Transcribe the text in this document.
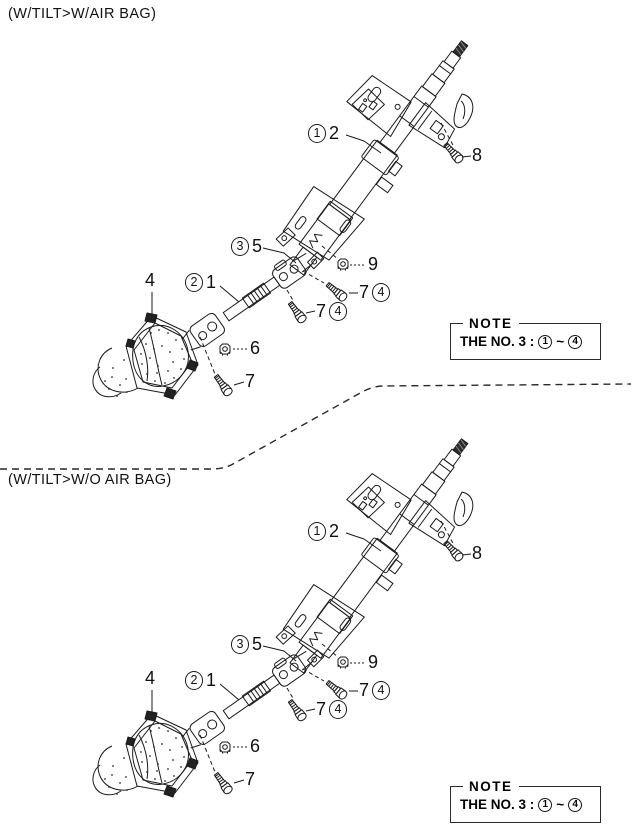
(W/TILT>W/AIR BAG)
1 2
8
3 5
9
7 4
7 4
4	2 1
6
7
NOTE
THE NO. 3 : 1 ~ 4
(W/TILT>W/O AIR BAG)
1 2
8
3 5
9
7 4
7 4
4	2 1
6
7	NOTE
THE NO. 3 : 1 ~ 4
